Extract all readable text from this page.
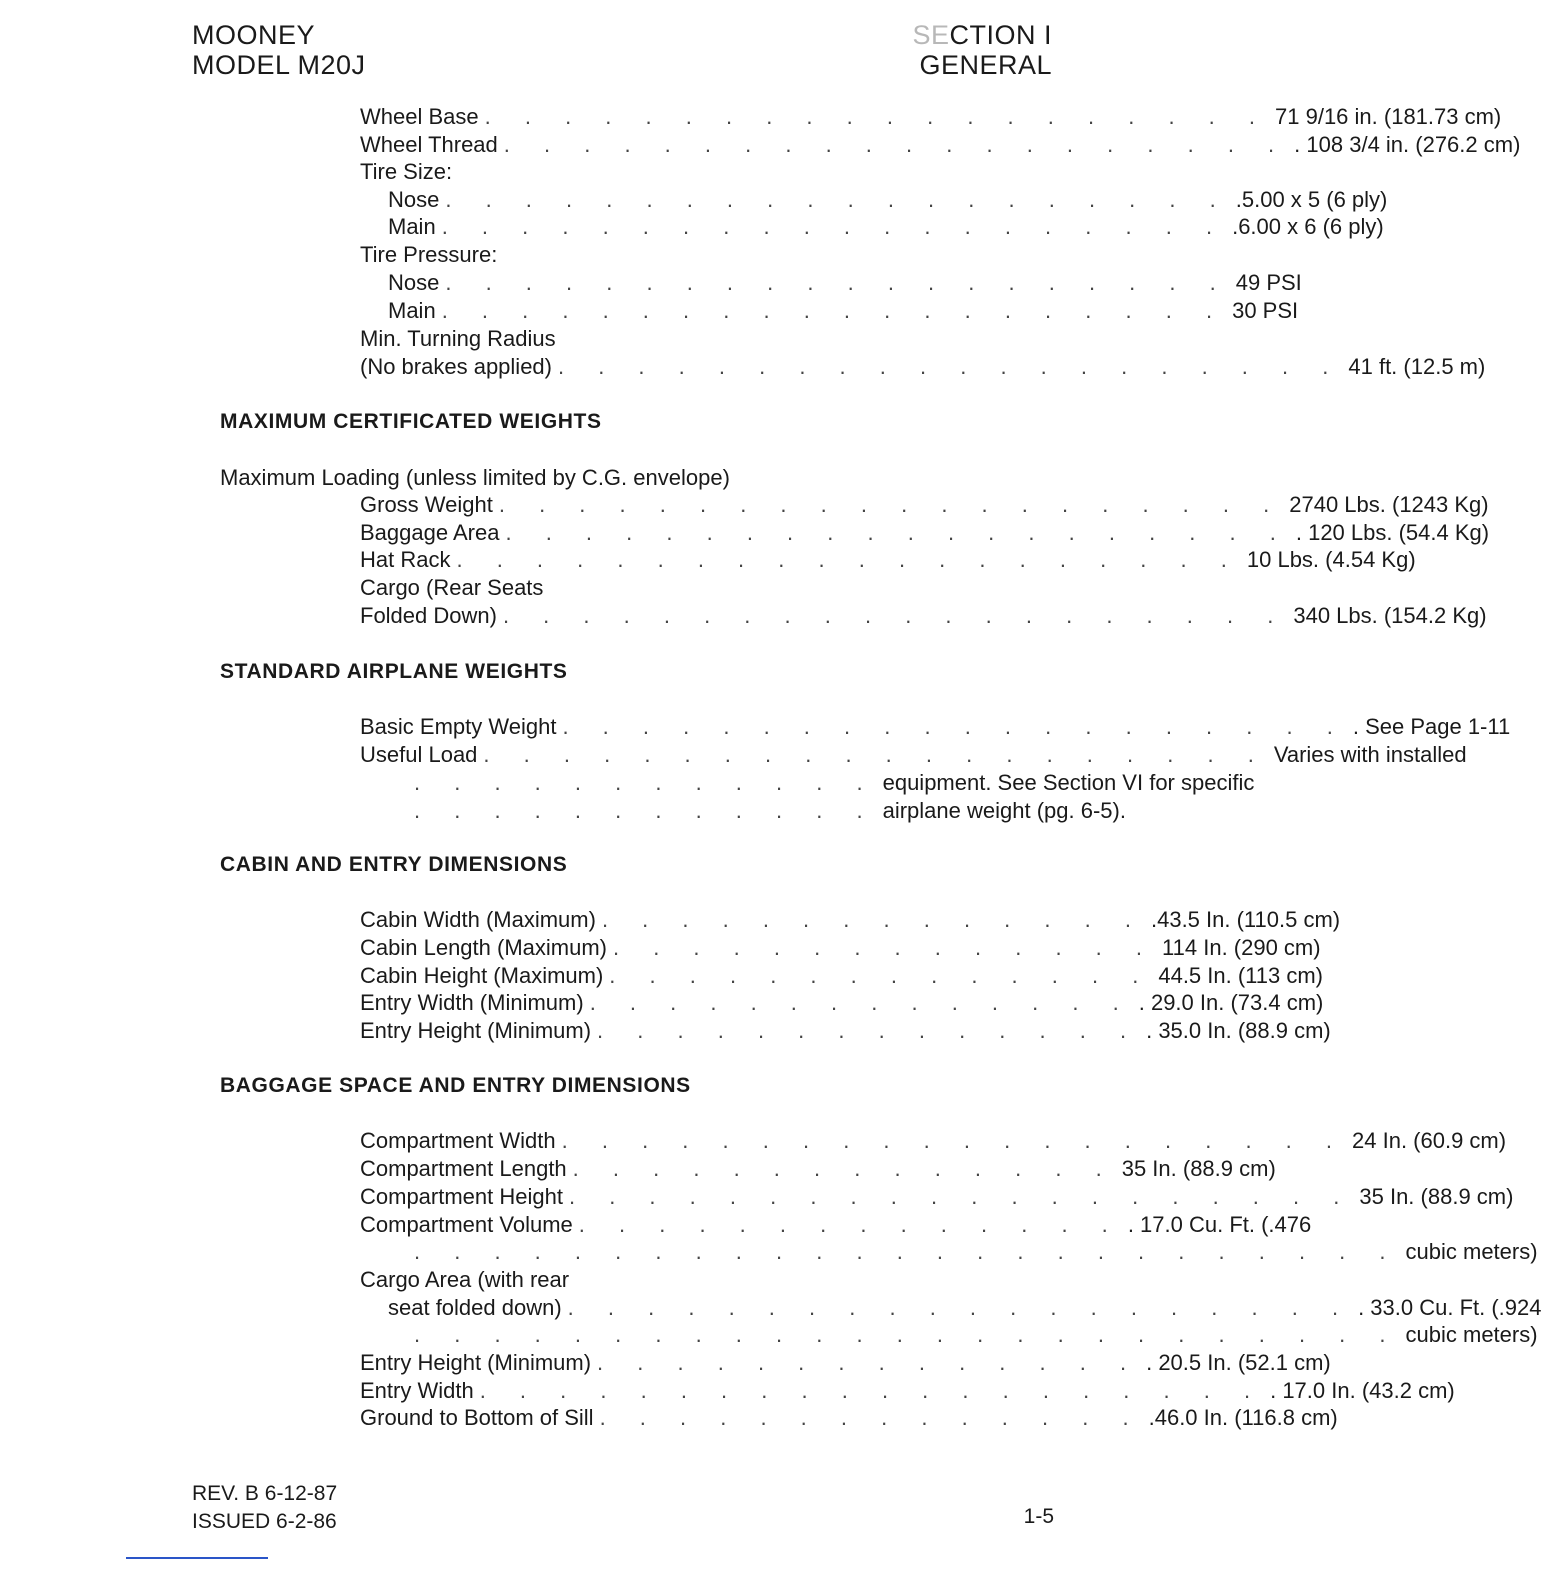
MOONEY
MODEL M20J
SECTION I
GENERAL
Wheel Base . . . . . . . . . . . . . . . . . . . . 71 9/16 in. (181.73 cm)
Wheel Thread . . . . . . . . . . . . . . . . . . . . . 108 3/4 in. (276.2 cm)
Tire Size:
Nose . . . . . . . . . . . . . . . . . . . . .5.00 x 5 (6 ply)
Main . . . . . . . . . . . . . . . . . . . . .6.00 x 6 (6 ply)
Tire Pressure:
Nose . . . . . . . . . . . . . . . . . . . . 49 PSI
Main . . . . . . . . . . . . . . . . . . . . 30 PSI
Min. Turning Radius
(No brakes applied) . . . . . . . . . . . . . . . . . . . . 41 ft. (12.5 m)
MAXIMUM CERTIFICATED WEIGHTS
Maximum Loading (unless limited by C.G. envelope)
Gross Weight . . . . . . . . . . . . . . . . . . . . 2740 Lbs. (1243 Kg)
Baggage Area . . . . . . . . . . . . . . . . . . . . . 120 Lbs. (54.4 Kg)
Hat Rack . . . . . . . . . . . . . . . . . . . . 10 Lbs. (4.54 Kg)
Cargo (Rear Seats
Folded Down) . . . . . . . . . . . . . . . . . . . . 340 Lbs. (154.2 Kg)
STANDARD AIRPLANE WEIGHTS
Basic Empty Weight . . . . . . . . . . . . . . . . . . . . . See Page 1-11
Useful Load . . . . . . . . . . . . . . . . . . . . Varies with installed
. . . . . . . . . . . . equipment. See Section VI for specific
. . . . . . . . . . . . airplane weight (pg. 6-5).
CABIN AND ENTRY DIMENSIONS
Cabin Width (Maximum) . . . . . . . . . . . . . . .43.5 In. (110.5 cm)
Cabin Length (Maximum) . . . . . . . . . . . . . . 114 In. (290 cm)
Cabin Height (Maximum) . . . . . . . . . . . . . . 44.5 In. (113 cm)
Entry Width (Minimum) . . . . . . . . . . . . . . . 29.0 In. (73.4 cm)
Entry Height (Minimum) . . . . . . . . . . . . . . . 35.0 In. (88.9 cm)
BAGGAGE SPACE AND ENTRY DIMENSIONS
Compartment Width . . . . . . . . . . . . . . . . . . . . 24 In. (60.9 cm)
Compartment Length . . . . . . . . . . . . . . 35 In. (88.9 cm)
Compartment Height . . . . . . . . . . . . . . . . . . . . 35 In. (88.9 cm)
Compartment Volume . . . . . . . . . . . . . . . 17.0 Cu. Ft. (.476
. . . . . . . . . . . . . . . . . . . . . . . . . cubic meters)
Cargo Area (with rear
seat folded down) . . . . . . . . . . . . . . . . . . . . . 33.0 Cu. Ft. (.924
. . . . . . . . . . . . . . . . . . . . . . . . . cubic meters)
Entry Height (Minimum) . . . . . . . . . . . . . . . 20.5 In. (52.1 cm)
Entry Width . . . . . . . . . . . . . . . . . . . . . 17.0 In. (43.2 cm)
Ground to Bottom of Sill . . . . . . . . . . . . . . .46.0 In. (116.8 cm)
REV. B 6-12-87
ISSUED 6-2-86	1-5
